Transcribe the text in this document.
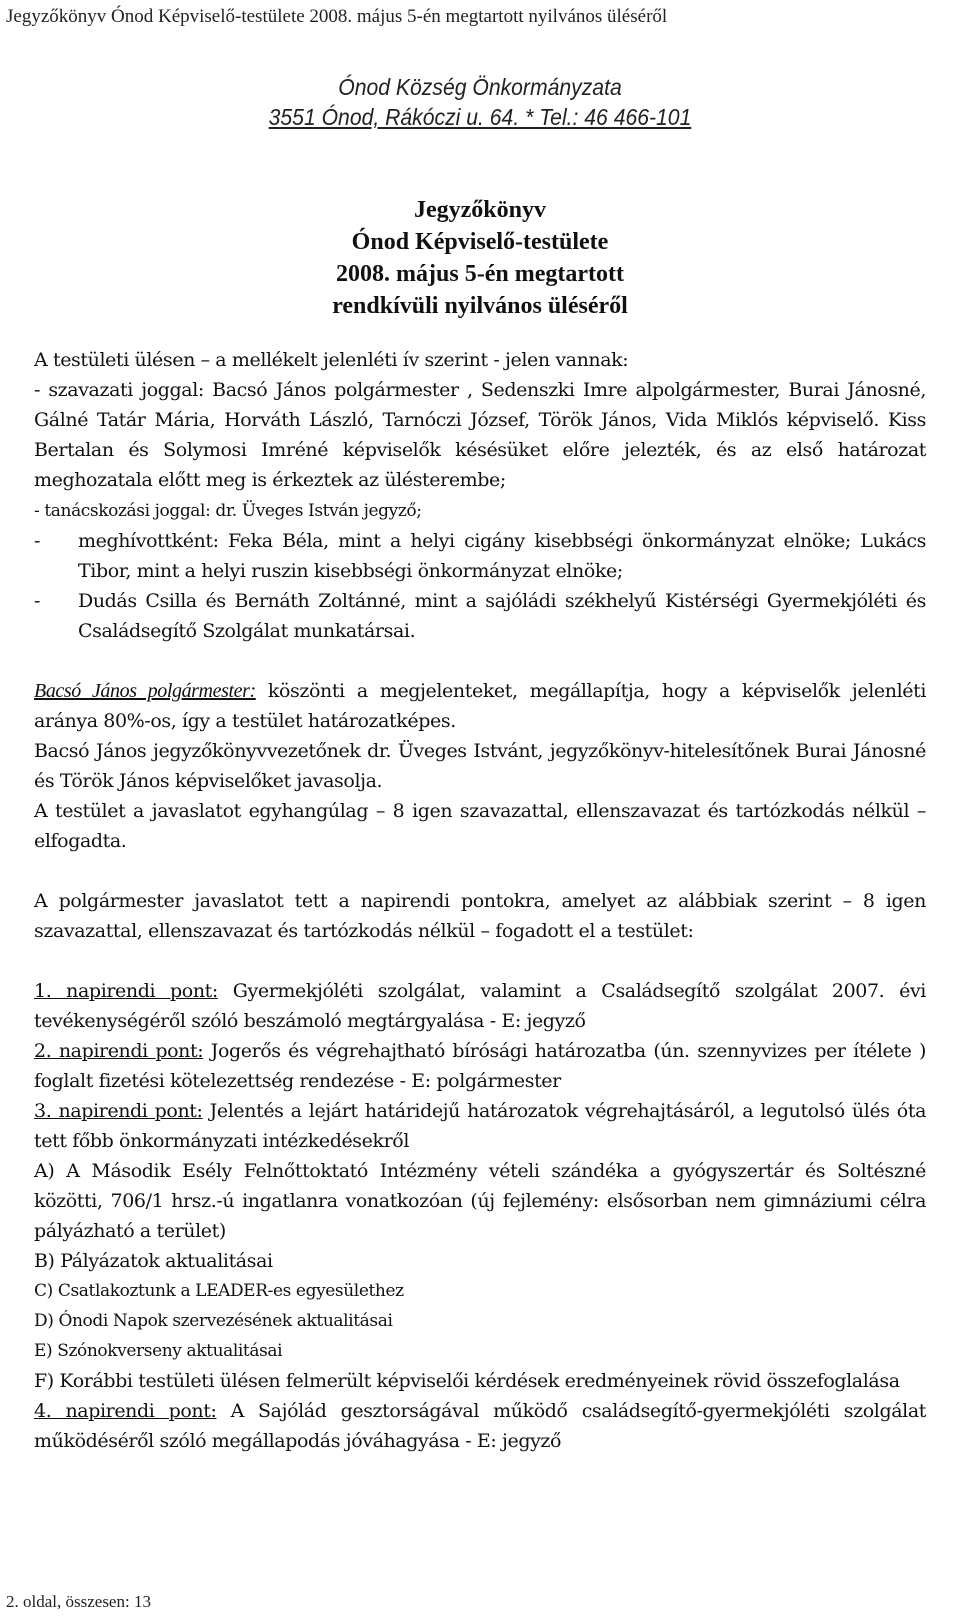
Jegyzőkönyv Ónod Képviselő-testülete 2008. május 5-én megtartott nyilvános üléséről
Ónod Község Önkormányzata
3551 Ónod, Rákóczi u. 64. * Tel.: 46 466-101
Jegyzőkönyv
Ónod Képviselő-testülete
2008. május 5-én megtartott
rendkívüli nyilvános üléséről

A testületi ülésen – a mellékelt jelenléti ív szerint - jelen vannak:

- szavazati joggal: Bacsó János polgármester , Sedenszki Imre alpolgármester, Burai Jánosné, Gálné Tatár Mária, Horváth László, Tarnóczi József, Török János, Vida Miklós képviselő. Kiss Bertalan és Solymosi Imréné képviselők késésüket előre jelezték, és az első határozat meghozatala előtt meg is érkeztek az ülésterembe;

- tanácskozási joggal: dr. Üveges István jegyző;

-	meghívottként: Feka Béla, mint a helyi cigány kisebbségi önkormányzat elnöke; Lukács Tibor, mint a helyi ruszin kisebbségi önkormányzat elnöke;
-	Dudás Csilla és Bernáth Zoltánné, mint a sajóládi székhelyű Kistérségi Gyermekjóléti és Családsegítő Szolgálat munkatársai.

Bacsó János polgármester: köszönti a megjelenteket, megállapítja, hogy a képviselők jelenléti aránya 80%-os, így a testület határozatképes.

Bacsó János jegyzőkönyvvezetőnek dr. Üveges Istvánt, jegyzőkönyv-hitelesítőnek Burai Jánosné és Török János képviselőket javasolja.

A testület a javaslatot egyhangúlag – 8 igen szavazattal, ellenszavazat és tartózkodás nélkül – elfogadta.

A polgármester javaslatot tett a napirendi pontokra, amelyet az alábbiak szerint – 8 igen szavazattal, ellenszavazat és tartózkodás nélkül – fogadott el a testület:

1. napirendi pont: Gyermekjóléti szolgálat, valamint a Családsegítő szolgálat 2007. évi tevékenységéről szóló beszámoló megtárgyalása - E: jegyző

2. napirendi pont: Jogerős és végrehajtható bírósági határozatba (ún. szennyvizes per ítélete ) foglalt fizetési kötelezettség rendezése - E: polgármester

3. napirendi pont: Jelentés a lejárt határidejű határozatok végrehajtásáról, a legutolsó ülés óta tett főbb önkormányzati intézkedésekről

A) A Második Esély Felnőttoktató Intézmény vételi szándéka a gyógyszertár és Soltészné közötti, 706/1 hrsz.-ú ingatlanra vonatkozóan (új fejlemény: elsősorban nem gimnáziumi célra pályázható a terület)

B) Pályázatok aktualitásai

C) Csatlakoztunk a LEADER-es egyesülethez

D) Ónodi Napok szervezésének aktualitásai

E) Szónokverseny aktualitásai

F) Korábbi testületi ülésen felmerült képviselői kérdések eredményeinek rövid összefoglalása

4. napirendi pont: A Sajólád gesztorságával működő családsegítő-gyermekjóléti szolgálat működéséről szóló megállapodás jóváhagyása - E: jegyző

2. oldal, összesen: 13
